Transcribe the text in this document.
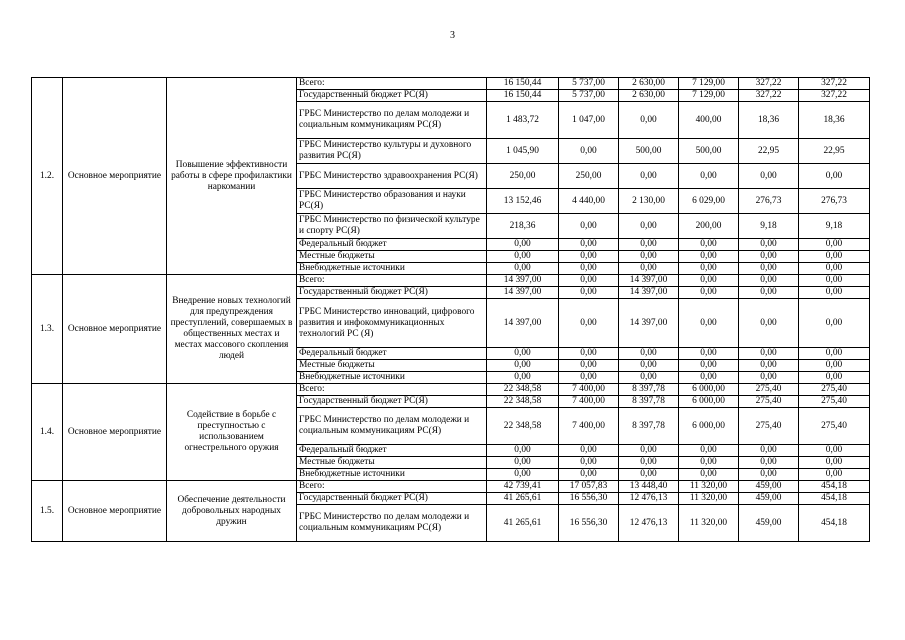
3
1.2.	Основное мероприятие	Повышение эффективности работы в сфере профилактики наркомании	Всего:	16 150,44	5 737,00	2 630,00	7 129,00	327,22	327,22
			Государственный бюджет РС(Я)	16 150,44	5 737,00	2 630,00	7 129,00	327,22	327,22
			ГРБС Министерство по делам молодежи и социальным коммуникациям РС(Я)	1 483,72	1 047,00	0,00	400,00	18,36	18,36
			ГРБС Министерство культуры и духовного развития РС(Я)	1 045,90	0,00	500,00	500,00	22,95	22,95
			ГРБС Министерство здравоохранения РС(Я)	250,00	250,00	0,00	0,00	0,00	0,00
			ГРБС Министерство образования и науки РС(Я)	13 152,46	4 440,00	2 130,00	6 029,00	276,73	276,73
			ГРБС Министерство по физической культуре и спорту РС(Я)	218,36	0,00	0,00	200,00	9,18	9,18
			Федеральный бюджет	0,00	0,00	0,00	0,00	0,00	0,00
			Местные бюджеты	0,00	0,00	0,00	0,00	0,00	0,00
			Внебюджетные источники	0,00	0,00	0,00	0,00	0,00	0,00
1.3.	Основное мероприятие	Внедрение новых технологий для предупреждения преступлений, совершаемых в общественных местах и местах массового скопления людей	Всего:	14 397,00	0,00	14 397,00	0,00	0,00	0,00
			Государственный бюджет РС(Я)	14 397,00	0,00	14 397,00	0,00	0,00	0,00
			ГРБС Министерство инноваций, цифрового развития и инфокоммуникационных технологий РС (Я)	14 397,00	0,00	14 397,00	0,00	0,00	0,00
			Федеральный бюджет	0,00	0,00	0,00	0,00	0,00	0,00
			Местные бюджеты	0,00	0,00	0,00	0,00	0,00	0,00
			Внебюджетные источники	0,00	0,00	0,00	0,00	0,00	0,00
1.4.	Основное мероприятие	Содействие в борьбе с преступностью с использованием огнестрельного оружия	Всего:	22 348,58	7 400,00	8 397,78	6 000,00	275,40	275,40
			Государственный бюджет РС(Я)	22 348,58	7 400,00	8 397,78	6 000,00	275,40	275,40
			ГРБС Министерство по делам молодежи и социальным коммуникациям РС(Я)	22 348,58	7 400,00	8 397,78	6 000,00	275,40	275,40
			Федеральный бюджет	0,00	0,00	0,00	0,00	0,00	0,00
			Местные бюджеты	0,00	0,00	0,00	0,00	0,00	0,00
			Внебюджетные источники	0,00	0,00	0,00	0,00	0,00	0,00
1.5.	Основное мероприятие	Обеспечение деятельности добровольных народных дружин	Всего:	42 739,41	17 057,83	13 448,40	11 320,00	459,00	454,18
			Государственный бюджет РС(Я)	41 265,61	16 556,30	12 476,13	11 320,00	459,00	454,18
			ГРБС Министерство по делам молодежи и социальным коммуникациям РС(Я)	41 265,61	16 556,30	12 476,13	11 320,00	459,00	454,18
